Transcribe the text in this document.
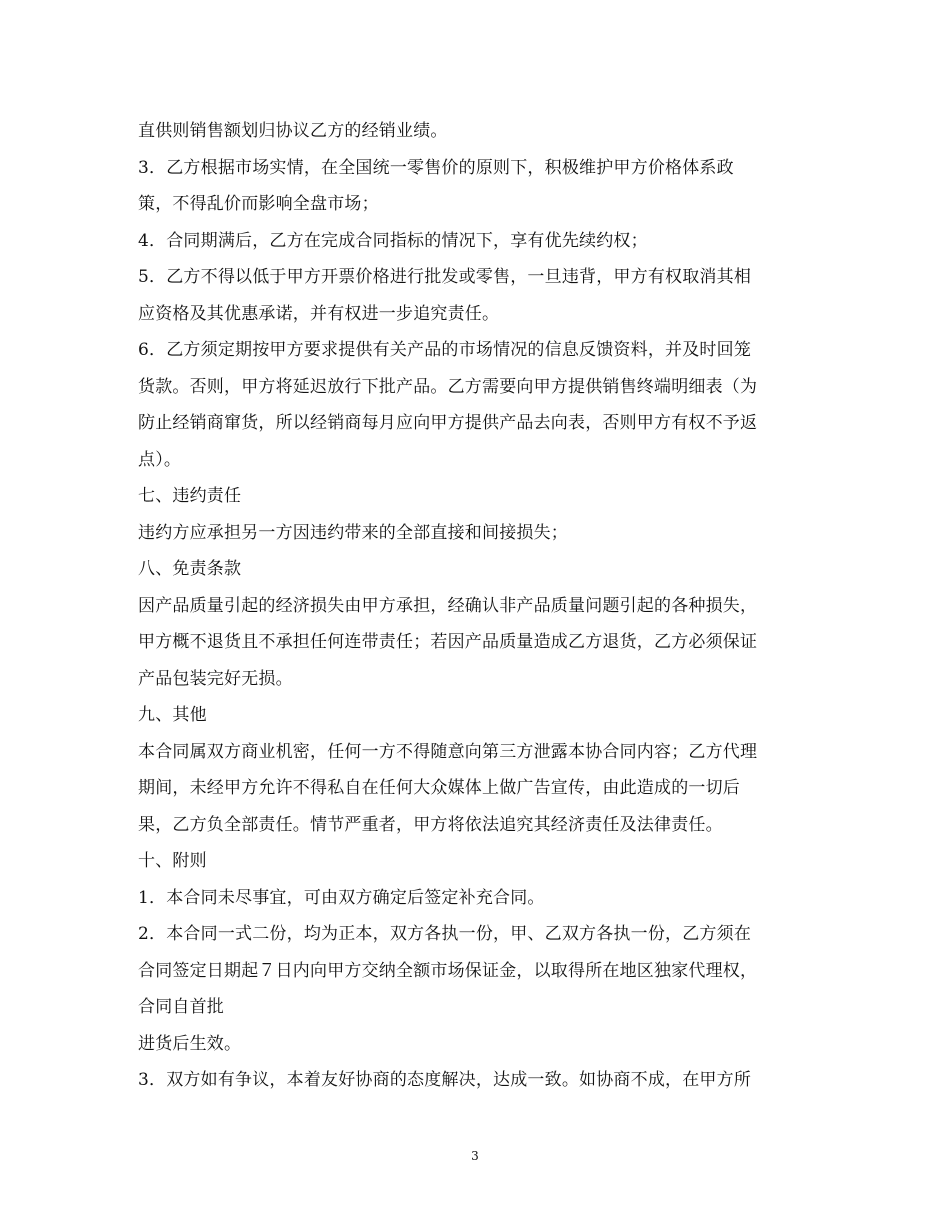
直供则销售额划归协议乙方的经销业绩。
3．乙方根据市场实情，在全国统一零售价的原则下，积极维护甲方价格体系政
策，不得乱价而影响全盘市场；
4．合同期满后，乙方在完成合同指标的情况下，享有优先续约权；
5．乙方不得以低于甲方开票价格进行批发或零售，一旦违背，甲方有权取消其相
应资格及其优惠承诺，并有权进一步追究责任。
6．乙方须定期按甲方要求提供有关产品的市场情况的信息反馈资料，并及时回笼
货款。否则，甲方将延迟放行下批产品。乙方需要向甲方提供销售终端明细表（为
防止经销商窜货，所以经销商每月应向甲方提供产品去向表，否则甲方有权不予返
点）。
七、违约责任
违约方应承担另一方因违约带来的全部直接和间接损失；
八、免责条款
因产品质量引起的经济损失由甲方承担，经确认非产品质量问题引起的各种损失，
甲方概不退货且不承担任何连带责任；若因产品质量造成乙方退货，乙方必须保证
产品包装完好无损。
九、其他
本合同属双方商业机密，任何一方不得随意向第三方泄露本协合同内容；乙方代理
期间，未经甲方允许不得私自在任何大众媒体上做广告宣传，由此造成的一切后
果，乙方负全部责任。情节严重者，甲方将依法追究其经济责任及法律责任。
十、附则
1．本合同未尽事宜，可由双方确定后签定补充合同。
2．本合同一式二份，均为正本，双方各执一份，甲、乙双方各执一份，乙方须在
合同签定日期起７日内向甲方交纳全额市场保证金，以取得所在地区独家代理权，
合同自首批
进货后生效。
3．双方如有争议，本着友好协商的态度解决，达成一致。如协商不成，在甲方所
3
